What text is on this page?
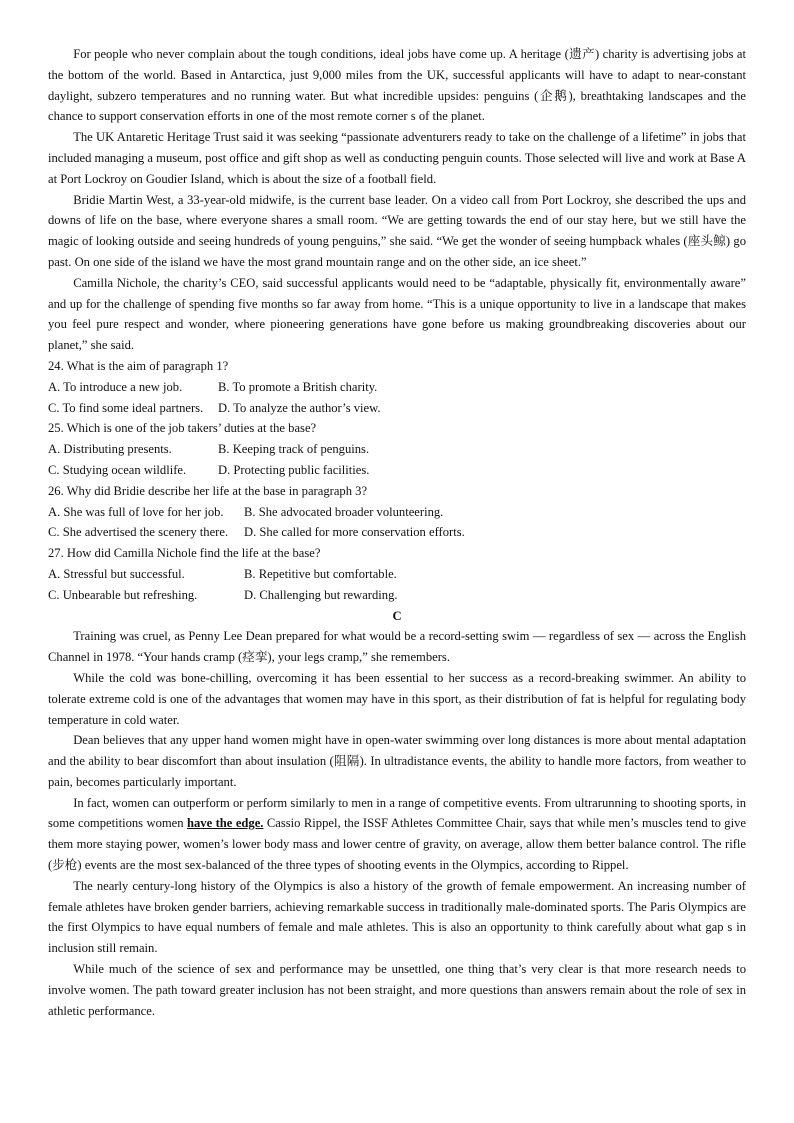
For people who never complain about the tough conditions, ideal jobs have come up. A heritage (遗产) charity is advertising jobs at the bottom of the world. Based in Antarctica, just 9,000 miles from the UK, successful applicants will have to adapt to near-constant daylight, subzero temperatures and no running water. But what incredible upsides: penguins (企鹅), breathtaking landscapes and the chance to support conservation efforts in one of the most remote corner s of the planet.

The UK Antaretic Heritage Trust said it was seeking “passionate adventurers ready to take on the challenge of a lifetime” in jobs that included managing a museum, post office and gift shop as well as conducting penguin counts. Those selected will live and work at Base A at Port Lockroy on Goudier Island, which is about the size of a football field.

Bridie Martin West, a 33-year-old midwife, is the current base leader. On a video call from Port Lockroy, she described the ups and downs of life on the base, where everyone shares a small room. “We are getting towards the end of our stay here, but we still have the magic of looking outside and seeing hundreds of young penguins,” she said. “We get the wonder of seeing humpback whales (座头鲸) go past. On one side of the island we have the most grand mountain range and on the other side, an ice sheet.”

Camilla Nichole, the charity’s CEO, said successful applicants would need to be “adaptable, physically fit, environmentally aware” and up for the challenge of spending five months so far away from home. “This is a unique opportunity to live in a landscape that makes you feel pure respect and wonder, where pioneering generations have gone before us making groundbreaking discoveries about our planet,” she said.

24. What is the aim of paragraph 1?

A. To introduce a new job.	B. To promote a British charity.
C. To find some ideal partners.	D. To analyze the author’s view.

25. Which is one of the job takers’ duties at the base?

A. Distributing presents.	B. Keeping track of penguins.
C. Studying ocean wildlife.	D. Protecting public facilities.

26. Why did Bridie describe her life at the base in paragraph 3?

A. She was full of love for her job.	B. She advocated broader volunteering.
C. She advertised the scenery there.	D. She called for more conservation efforts.

27. How did Camilla Nichole find the life at the base?

A. Stressful but successful.	B. Repetitive but comfortable.
C. Unbearable but refreshing.	D. Challenging but rewarding.

C

Training was cruel, as Penny Lee Dean prepared for what would be a record-setting swim — regardless of sex — across the English Channel in 1978. “Your hands cramp (痉挛), your legs cramp,” she remembers.

While the cold was bone-chilling, overcoming it has been essential to her success as a record-breaking swimmer. An ability to tolerate extreme cold is one of the advantages that women may have in this sport, as their distribution of fat is helpful for regulating body temperature in cold water.

Dean believes that any upper hand women might have in open-water swimming over long distances is more about mental adaptation and the ability to bear discomfort than about insulation (阻隔). In ultradistance events, the ability to handle more factors, from weather to pain, becomes particularly important.

In fact, women can outperform or perform similarly to men in a range of competitive events. From ultrarunning to shooting sports, in some competitions women have the edge. Cassio Rippel, the ISSF Athletes Committee Chair, says that while men’s muscles tend to give them more staying power, women’s lower body mass and lower centre of gravity, on average, allow them better balance control. The rifle (步枪) events are the most sex-balanced of the three types of shooting events in the Olympics, according to Rippel.

The nearly century-long history of the Olympics is also a history of the growth of female empowerment. An increasing number of female athletes have broken gender barriers, achieving remarkable success in traditionally male-dominated sports. The Paris Olympics are the first Olympics to have equal numbers of female and male athletes. This is also an opportunity to think carefully about what gap s in inclusion still remain.

While much of the science of sex and performance may be unsettled, one thing that’s very clear is that more research needs to involve women. The path toward greater inclusion has not been straight, and more questions than answers remain about the role of sex in athletic performance.
